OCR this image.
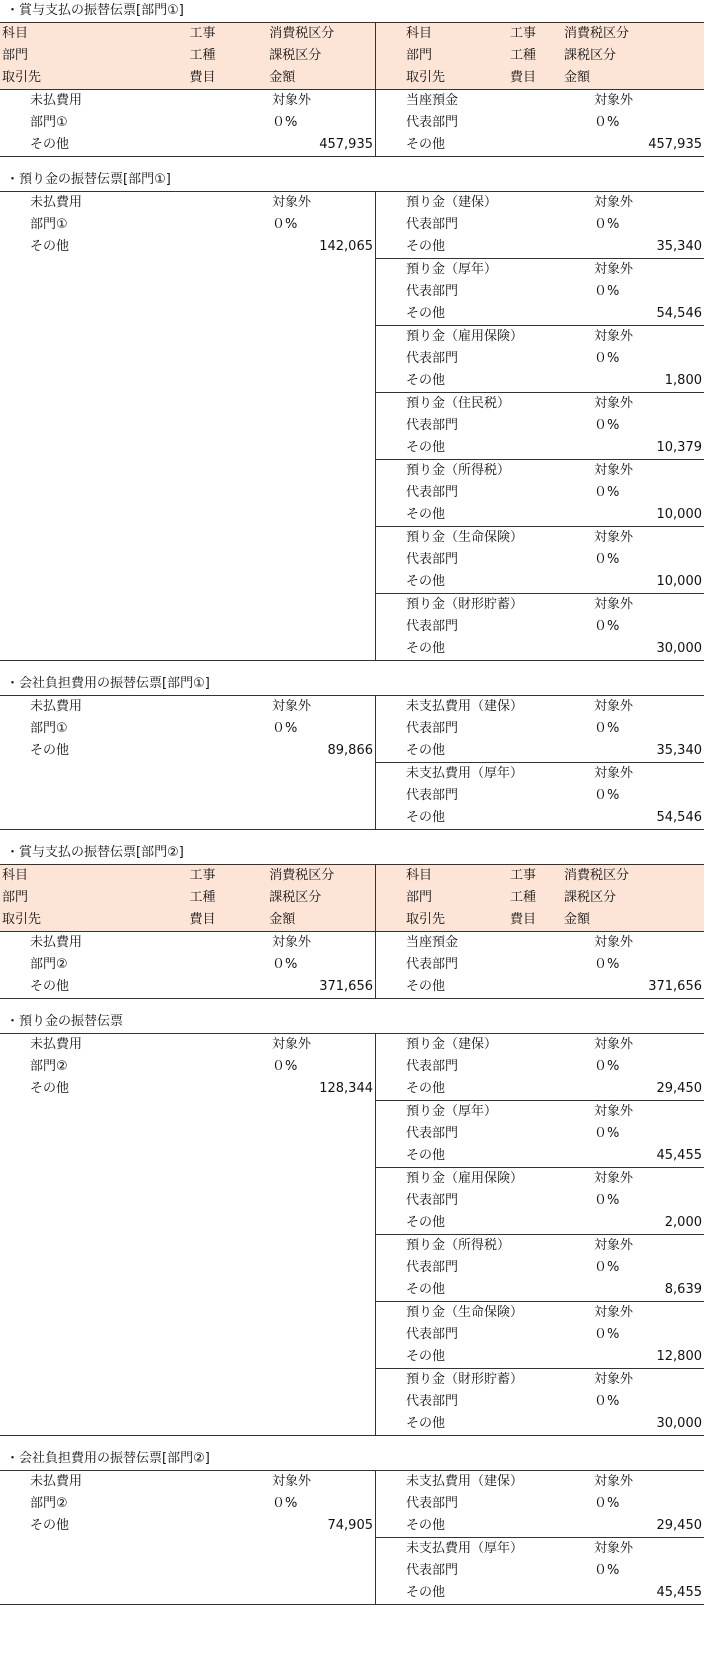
・賞与支払の振替伝票[部門①]
科目	工事	消費税区分
部門	工種	課税区分
取引先	費目	金額
科目	工事	消費税区分
部門	工種	課税区分
取引先	費目	金額
未払費用	対象外
部門①	０%
その他	457,935
当座預金	対象外
代表部門	０%
その他	457,935
・預り金の振替伝票[部門①]
未払費用	対象外
部門①	０%
その他	142,065
預り金（建保）	対象外
代表部門	０%
その他	35,340
預り金（厚年）	対象外
代表部門	０%
その他	54,546
預り金（雇用保険）	対象外
代表部門	０%
その他	1,800
預り金（住民税）	対象外
代表部門	０%
その他	10,379
預り金（所得税）	対象外
代表部門	０%
その他	10,000
預り金（生命保険）	対象外
代表部門	０%
その他	10,000
預り金（財形貯蓄）	対象外
代表部門	０%
その他	30,000
・会社負担費用の振替伝票[部門①]
未払費用	対象外
部門①	０%
その他	89,866
未支払費用（建保）	対象外
代表部門	０%
その他	35,340
未支払費用（厚年）	対象外
代表部門	０%
その他	54,546
・賞与支払の振替伝票[部門②]
科目	工事	消費税区分
部門	工種	課税区分
取引先	費目	金額
科目	工事	消費税区分
部門	工種	課税区分
取引先	費目	金額
未払費用	対象外
部門②	０%
その他	371,656
当座預金	対象外
代表部門	０%
その他	371,656
・預り金の振替伝票
未払費用	対象外
部門②	０%
その他	128,344
預り金（建保）	対象外
代表部門	０%
その他	29,450
預り金（厚年）	対象外
代表部門	０%
その他	45,455
預り金（雇用保険）	対象外
代表部門	０%
その他	2,000
預り金（所得税）	対象外
代表部門	０%
その他	8,639
預り金（生命保険）	対象外
代表部門	０%
その他	12,800
預り金（財形貯蓄）	対象外
代表部門	０%
その他	30,000
・会社負担費用の振替伝票[部門②]
未払費用	対象外
部門②	０%
その他	74,905
未支払費用（建保）	対象外
代表部門	０%
その他	29,450
未支払費用（厚年）	対象外
代表部門	０%
その他	45,455
